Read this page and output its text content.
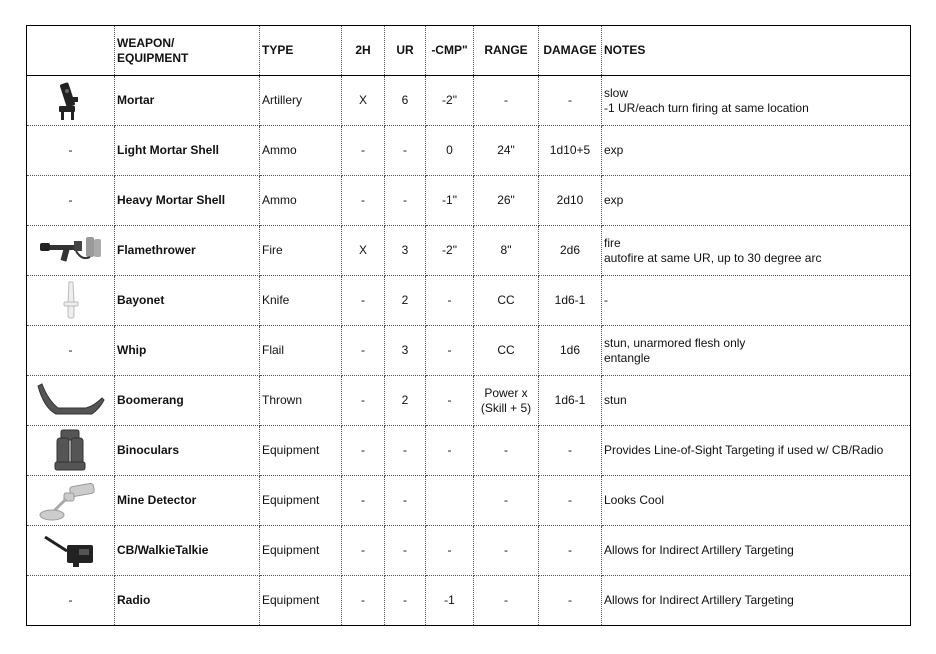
	WEAPON/
EQUIPMENT	TYPE	2H	UR	-CMP"	RANGE	DAMAGE	NOTES

	Mortar	Artillery	X	6	-2"	-	-	slow
-1 UR/each turn firing at same location
-	Light Mortar Shell	Ammo	-	-	0	24"	1d10+5	exp
-	Heavy Mortar Shell	Ammo	-	-	-1"	26"	2d10	exp

	Flamethrower	Fire	X	3	-2"	8"	2d6	fire
autofire at same UR, up to 30 degree arc

	Bayonet	Knife	-	2	-	CC	1d6-1	-
-	Whip	Flail	-	3	-	CC	1d6	stun, unarmored flesh only
entangle

	Boomerang	Thrown	-	2	-	Power x
(Skill + 5)	1d6-1	stun

	Binoculars	Equipment	-	-	-	-	-	Provides Line-of-Sight Targeting if used w/ CB/Radio

	Mine Detector	Equipment	-	-		-	-	Looks Cool

	CB/WalkieTalkie	Equipment	-	-	-	-	-	Allows for Indirect Artillery Targeting
-	Radio	Equipment	-	-	-1	-	-	Allows for Indirect Artillery Targeting
